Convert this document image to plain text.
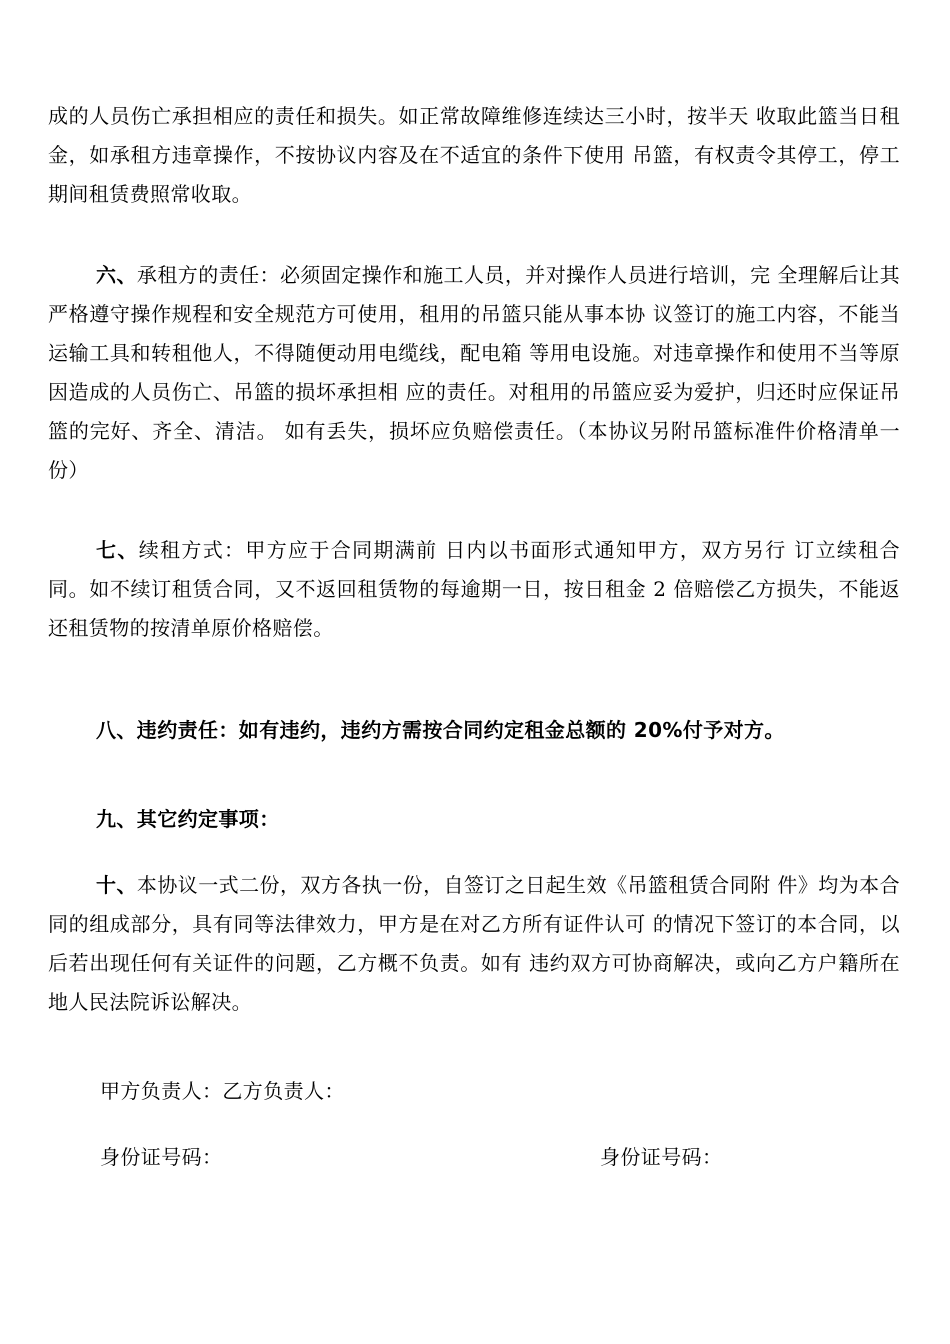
成的人员伤亡承担相应的责任和损失。如正常故障维修连续达三小时，按半天 收取此篮当日租金，如承租方违章操作，不按协议内容及在不适宜的条件下使用 吊篮，有权责令其停工，停工期间租赁费照常收取。

六、承租方的责任：必须固定操作和施工人员，并对操作人员进行培训，完 全理解后让其严格遵守操作规程和安全规范方可使用，租用的吊篮只能从事本协 议签订的施工内容，不能当运输工具和转租他人，不得随便动用电缆线，配电箱 等用电设施。对违章操作和使用不当等原因造成的人员伤亡、吊篮的损坏承担相 应的责任。对租用的吊篮应妥为爱护，归还时应保证吊篮的完好、齐全、清洁。 如有丢失，损坏应负赔偿责任。（本协议另附吊篮标准件价格清单一份）

七、续租方式：甲方应于合同期满前 日内以书面形式通知甲方，双方另行 订立续租合同。如不续订租赁合同，又不返回租赁物的每逾期一日，按日租金 2 倍赔偿乙方损失，不能返还租赁物的按清单原价格赔偿。

八、违约责任：如有违约，违约方需按合同约定租金总额的 20%付予对方。

九、其它约定事项：

十、本协议一式二份，双方各执一份，自签订之日起生效《吊篮租赁合同附 件》均为本合同的组成部分，具有同等法律效力，甲方是在对乙方所有证件认可 的情况下签订的本合同，以后若出现任何有关证件的问题，乙方概不负责。如有 违约双方可协商解决，或向乙方户籍所在地人民法院诉讼解决。

甲方负责人：乙方负责人：

身份证号码：	身份证号码：
